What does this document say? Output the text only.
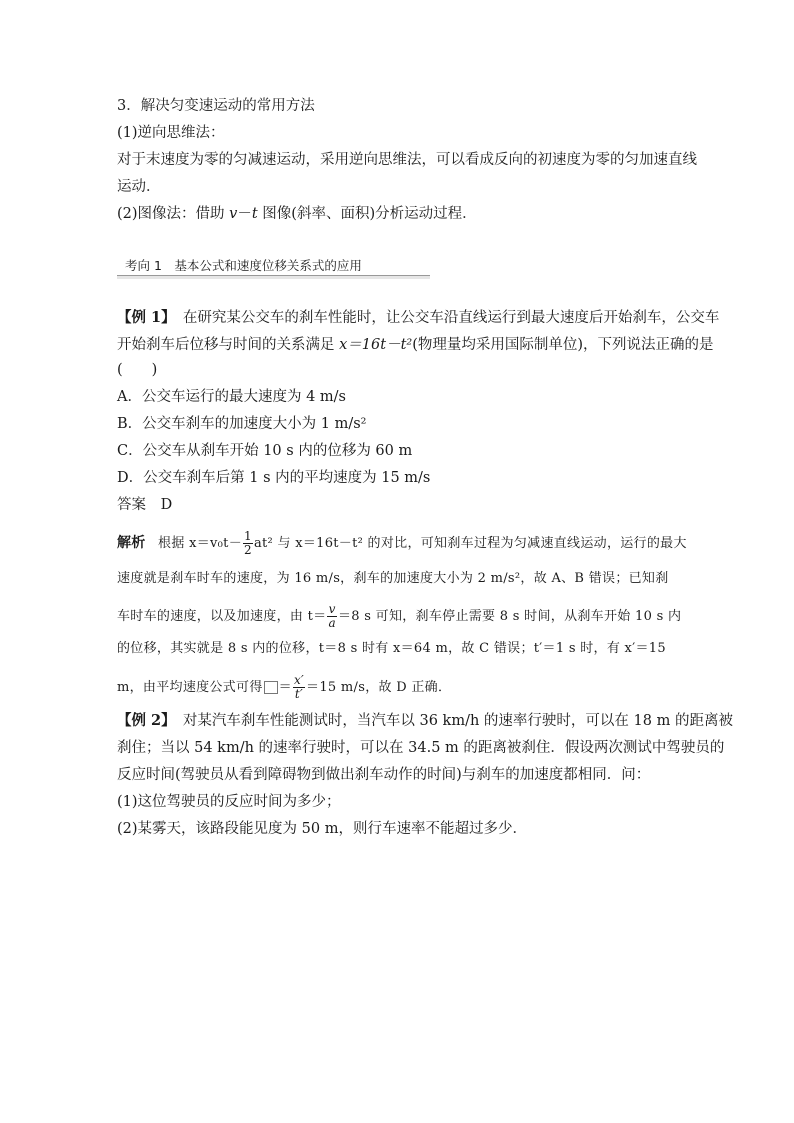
3．解决匀变速运动的常用方法
(1)逆向思维法：
对于末速度为零的匀减速运动，采用逆向思维法，可以看成反向的初速度为零的匀加速直线
运动．
(2)图像法：借助 v－t 图像(斜率、面积)分析运动过程．
考向 1　基本公式和速度位移关系式的应用
【例 1】　在研究某公交车的刹车性能时，让公交车沿直线运行到最大速度后开始刹车，公交车
开始刹车后位移与时间的关系满足 x＝16t－t²(物理量均采用国际制单位)，下列说法正确的是
(　　)
A．公交车运行的最大速度为 4 m/s
B．公交车刹车的加速度大小为 1 m/s²
C．公交车从刹车开始 10 s 内的位移为 60 m
D．公交车刹车后第 1 s 内的平均速度为 15 m/s
答案 D
解析 根据 $x=v_0t- \frac{1}{2} at^2$ 与 x＝16t－t² 的对比，可知刹车过程为匀减速直线运动，运行的最大
速度就是刹车时车的速度，为 16 m/s，刹车的加速度大小为 2 m/s²，故 A、B 错误；已知刹
车时车的速度，以及加速度，由 $t= \frac{v}{a} =8$ s 可知，刹车停止需要 8 s 时间，从刹车开始 10 s 内
的位移，其实就是 8 s 内的位移，t＝8 s 时有 x＝64 m，故 C 错误；t′＝1 s 时，有 x′＝15
m，由平均速度公式可得 ＝ $\frac{x'}{t'} =15$ m/s，故 D 正确．
【例 2】　对某汽车刹车性能测试时，当汽车以 36 km/h 的速率行驶时，可以在 18 m 的距离被
刹住；当以 54 km/h 的速率行驶时，可以在 34.5 m 的距离被刹住．假设两次测试中驾驶员的
反应时间(驾驶员从看到障碍物到做出刹车动作的时间)与刹车的加速度都相同．问：
(1)这位驾驶员的反应时间为多少；
(2)某雾天，该路段能见度为 50 m，则行车速率不能超过多少．
